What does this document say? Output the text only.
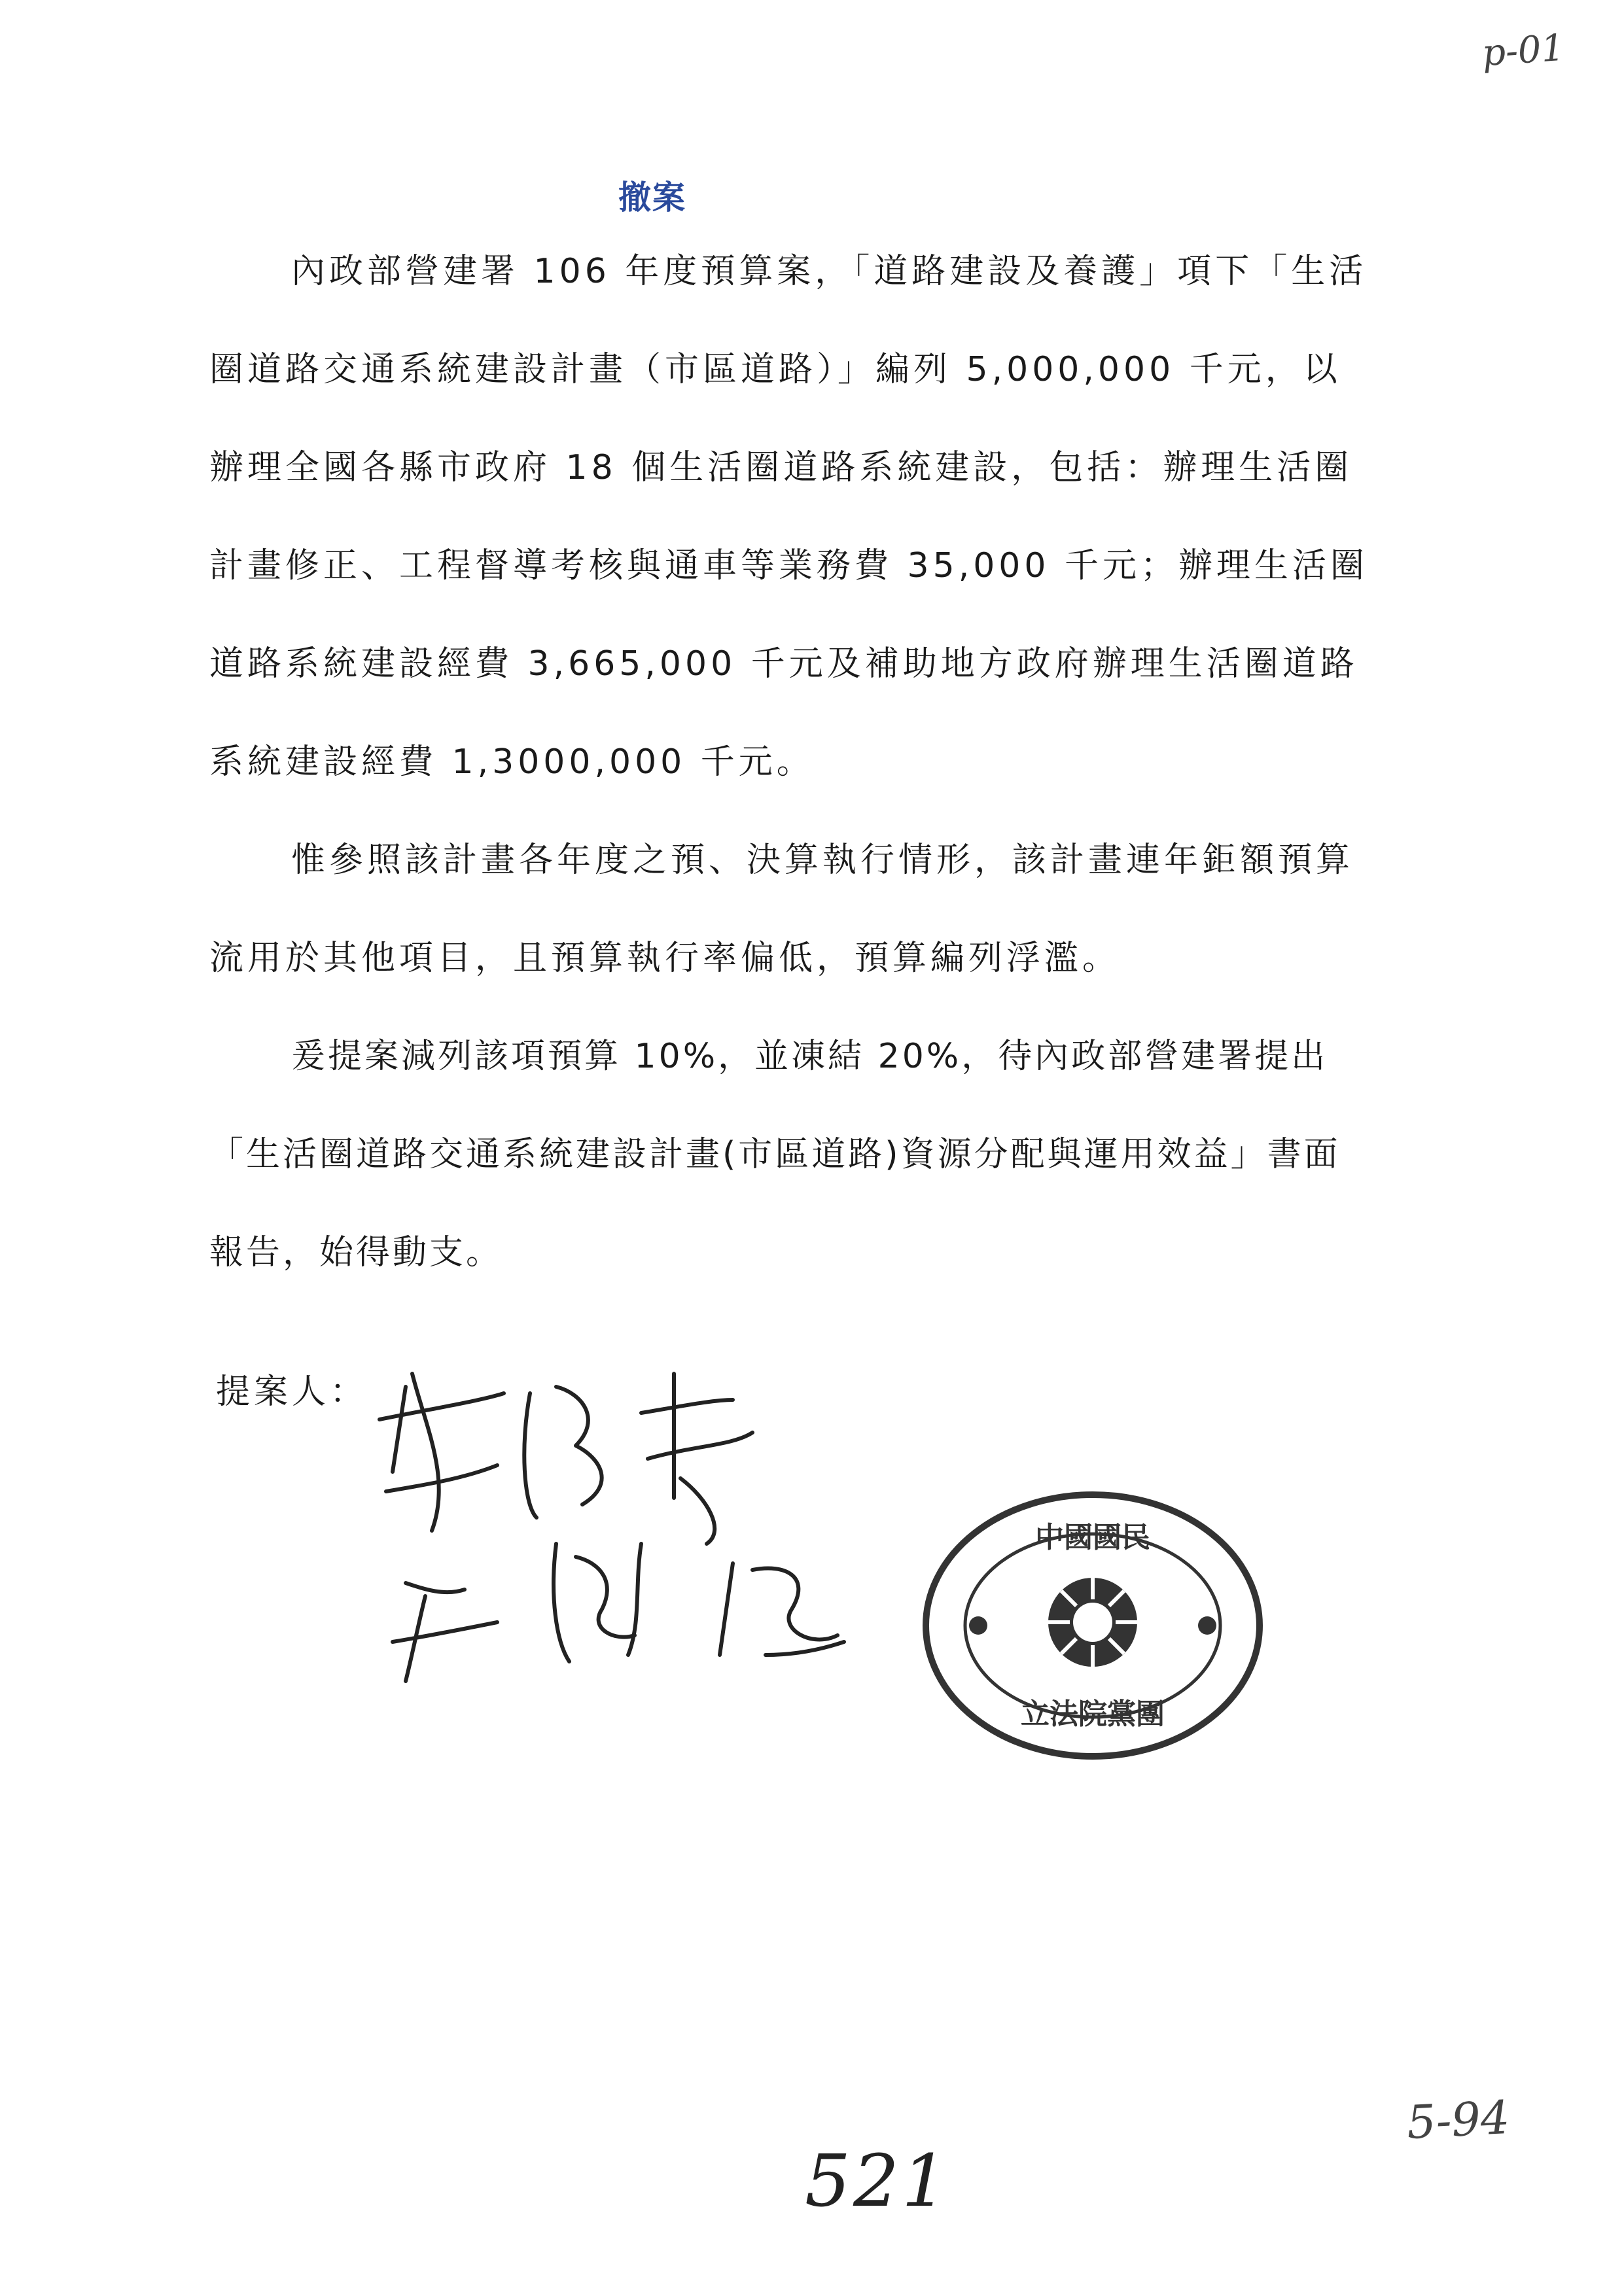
p-01
撤案

內政部營建署 106 年度預算案，「道路建設及養護」項下「生活圈道路交通系統建設計畫（市區道路）」編列 5,000,000 千元，以辦理全國各縣市政府 18 個生活圈道路系統建設，包括：辦理生活圈計畫修正、工程督導考核與通車等業務費 35,000 千元；辦理生活圈道路系統建設經費 3,665,000 千元及補助地方政府辦理生活圈道路系統建設經費 1,3000,000 千元。

惟參照該計畫各年度之預、決算執行情形，該計畫連年鉅額預算流用於其他項目，且預算執行率偏低，預算編列浮濫。

爰提案減列該項預算 10%，並凍結 20%，待內政部營建署提出「生活圈道路交通系統建設計畫(市區道路)資源分配與運用效益」書面報告，始得動支。

提案人：
中國國民
立法院黨團
521
5-94
